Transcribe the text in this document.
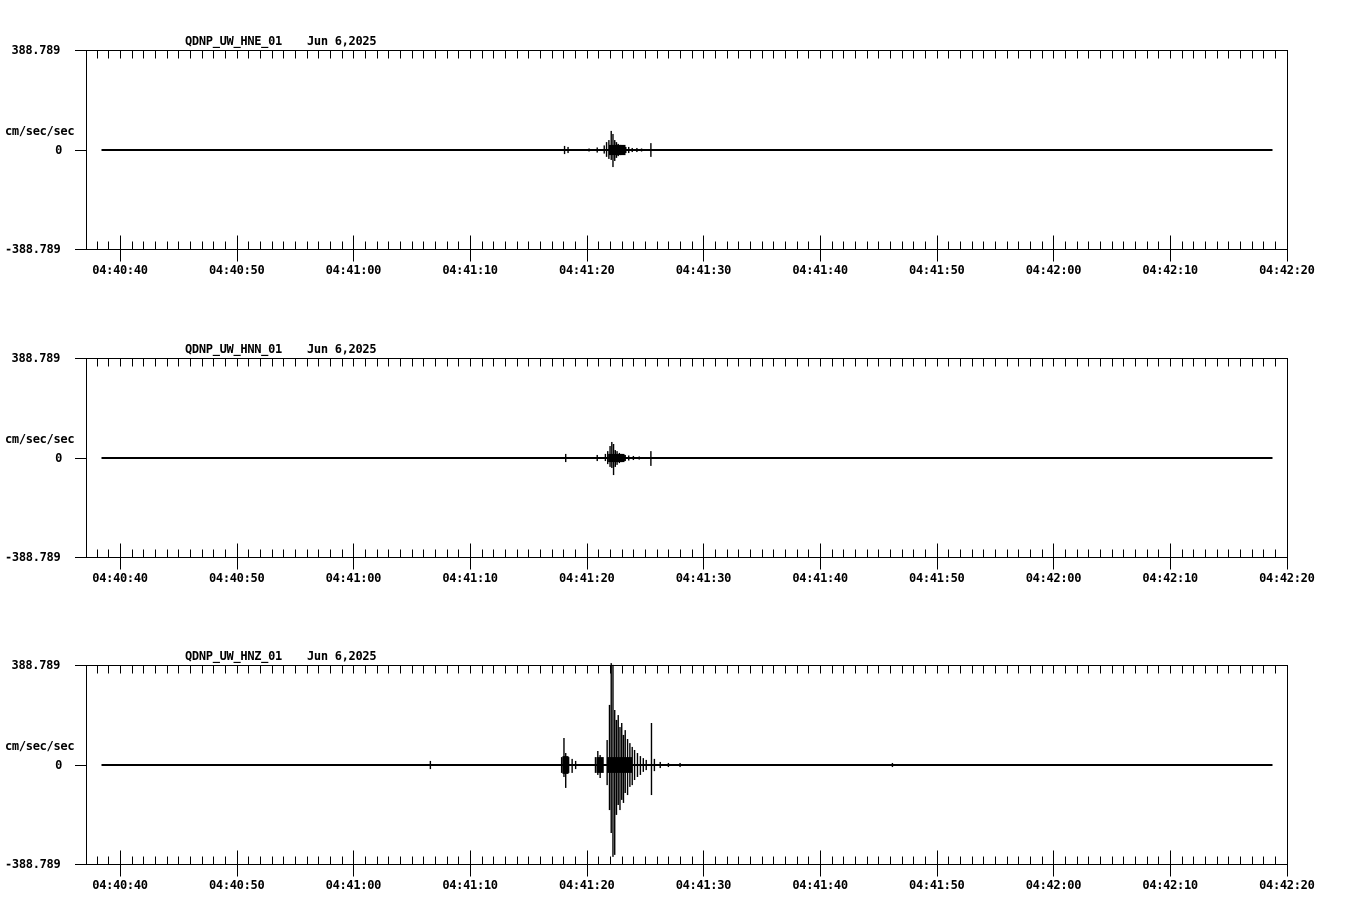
QDNP_UW_HNE_01 Jun 6,2025
388.789
cm/sec/sec
0
-388.789
QDNP_UW_HNN_01 Jun 6,2025
388.789
cm/sec/sec
0
-388.789
QDNP_UW_HNZ_01 Jun 6,2025
388.789
cm/sec/sec
0
-388.789
04:40:40	04:40:50	04:41:00	04:41:10	04:41:20	04:41:30	04:41:40	04:41:50	04:42:00	04:42:10	04:42:20
04:40:40	04:40:50	04:41:00	04:41:10	04:41:20	04:41:30	04:41:40	04:41:50	04:42:00	04:42:10	04:42:20
04:40:40	04:40:50	04:41:00	04:41:10	04:41:20	04:41:30	04:41:40	04:41:50	04:42:00	04:42:10	04:42:20
